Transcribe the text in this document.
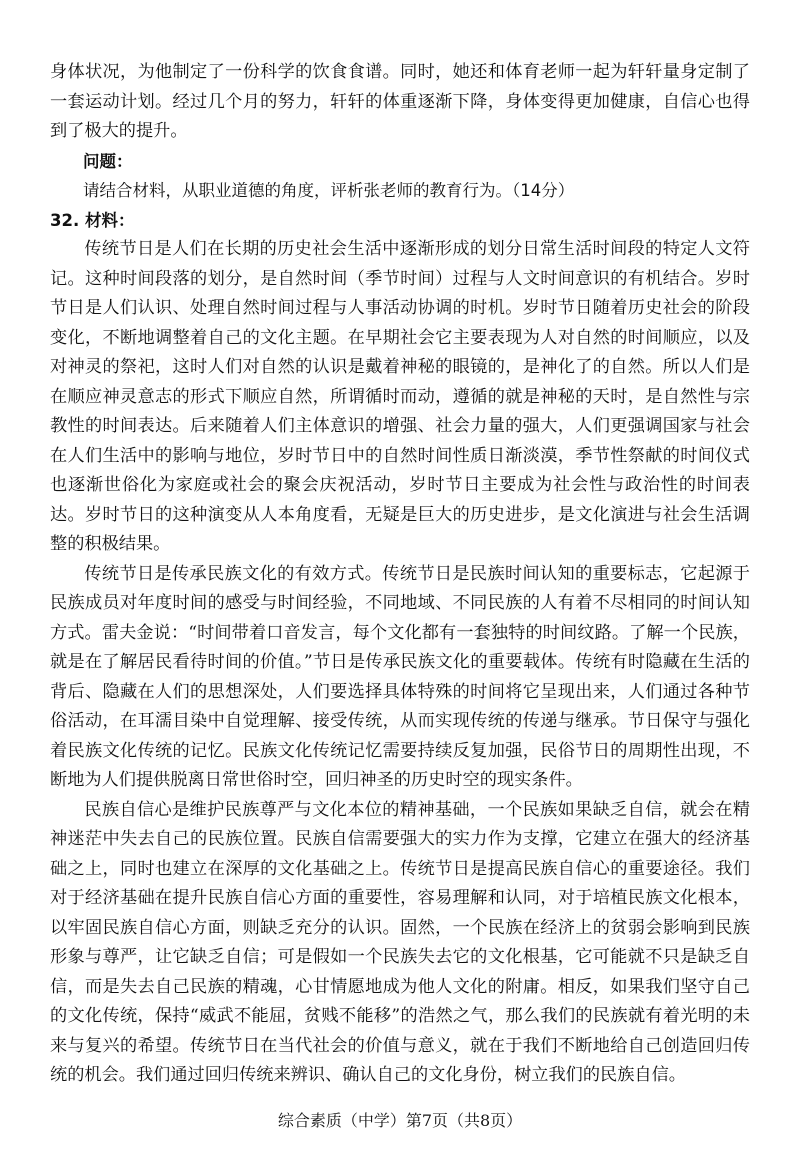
身体状况，为他制定了一份科学的饮食食谱。同时，她还和体育老师一起为轩轩量身定制了一套运动计划。经过几个月的努力，轩轩的体重逐渐下降，身体变得更加健康，自信心也得到了极大的提升。

问题：

请结合材料，从职业道德的角度，评析张老师的教育行为。（14分）

32. 材料：

传统节日是人们在长期的历史社会生活中逐渐形成的划分日常生活时间段的特定人文符记。这种时间段落的划分，是自然时间（季节时间）过程与人文时间意识的有机结合。岁时节日是人们认识、处理自然时间过程与人事活动协调的时机。岁时节日随着历史社会的阶段变化，不断地调整着自己的文化主题。在早期社会它主要表现为人对自然的时间顺应，以及对神灵的祭祀，这时人们对自然的认识是戴着神秘的眼镜的，是神化了的自然。所以人们是在顺应神灵意志的形式下顺应自然，所谓循时而动，遵循的就是神秘的天时，是自然性与宗教性的时间表达。后来随着人们主体意识的增强、社会力量的强大，人们更强调国家与社会在人们生活中的影响与地位，岁时节日中的自然时间性质日渐淡漠，季节性祭献的时间仪式也逐渐世俗化为家庭或社会的聚会庆祝活动，岁时节日主要成为社会性与政治性的时间表达。岁时节日的这种演变从人本角度看，无疑是巨大的历史进步，是文化演进与社会生活调整的积极结果。

传统节日是传承民族文化的有效方式。传统节日是民族时间认知的重要标志，它起源于民族成员对年度时间的感受与时间经验，不同地域、不同民族的人有着不尽相同的时间认知方式。雷夫金说：“时间带着口音发言，每个文化都有一套独特的时间纹路。了解一个民族，就是在了解居民看待时间的价值。”节日是传承民族文化的重要载体。传统有时隐藏在生活的背后、隐藏在人们的思想深处，人们要选择具体特殊的时间将它呈现出来，人们通过各种节俗活动，在耳濡目染中自觉理解、接受传统，从而实现传统的传递与继承。节日保守与强化着民族文化传统的记忆。民族文化传统记忆需要持续反复加强，民俗节日的周期性出现，不断地为人们提供脱离日常世俗时空，回归神圣的历史时空的现实条件。

民族自信心是维护民族尊严与文化本位的精神基础，一个民族如果缺乏自信，就会在精神迷茫中失去自己的民族位置。民族自信需要强大的实力作为支撑，它建立在强大的经济基础之上，同时也建立在深厚的文化基础之上。传统节日是提高民族自信心的重要途径。我们对于经济基础在提升民族自信心方面的重要性，容易理解和认同，对于培植民族文化根本，以牢固民族自信心方面，则缺乏充分的认识。固然，一个民族在经济上的贫弱会影响到民族形象与尊严，让它缺乏自信；可是假如一个民族失去它的文化根基，它可能就不只是缺乏自信，而是失去自己民族的精魂，心甘情愿地成为他人文化的附庸。相反，如果我们坚守自己的文化传统，保持“威武不能屈，贫贱不能移”的浩然之气，那么我们的民族就有着光明的未来与复兴的希望。传统节日在当代社会的价值与意义，就在于我们不断地给自己创造回归传统的机会。我们通过回归传统来辨识、确认自己的文化身份，树立我们的民族自信。

综合素质（中学）第7页（共8页）
